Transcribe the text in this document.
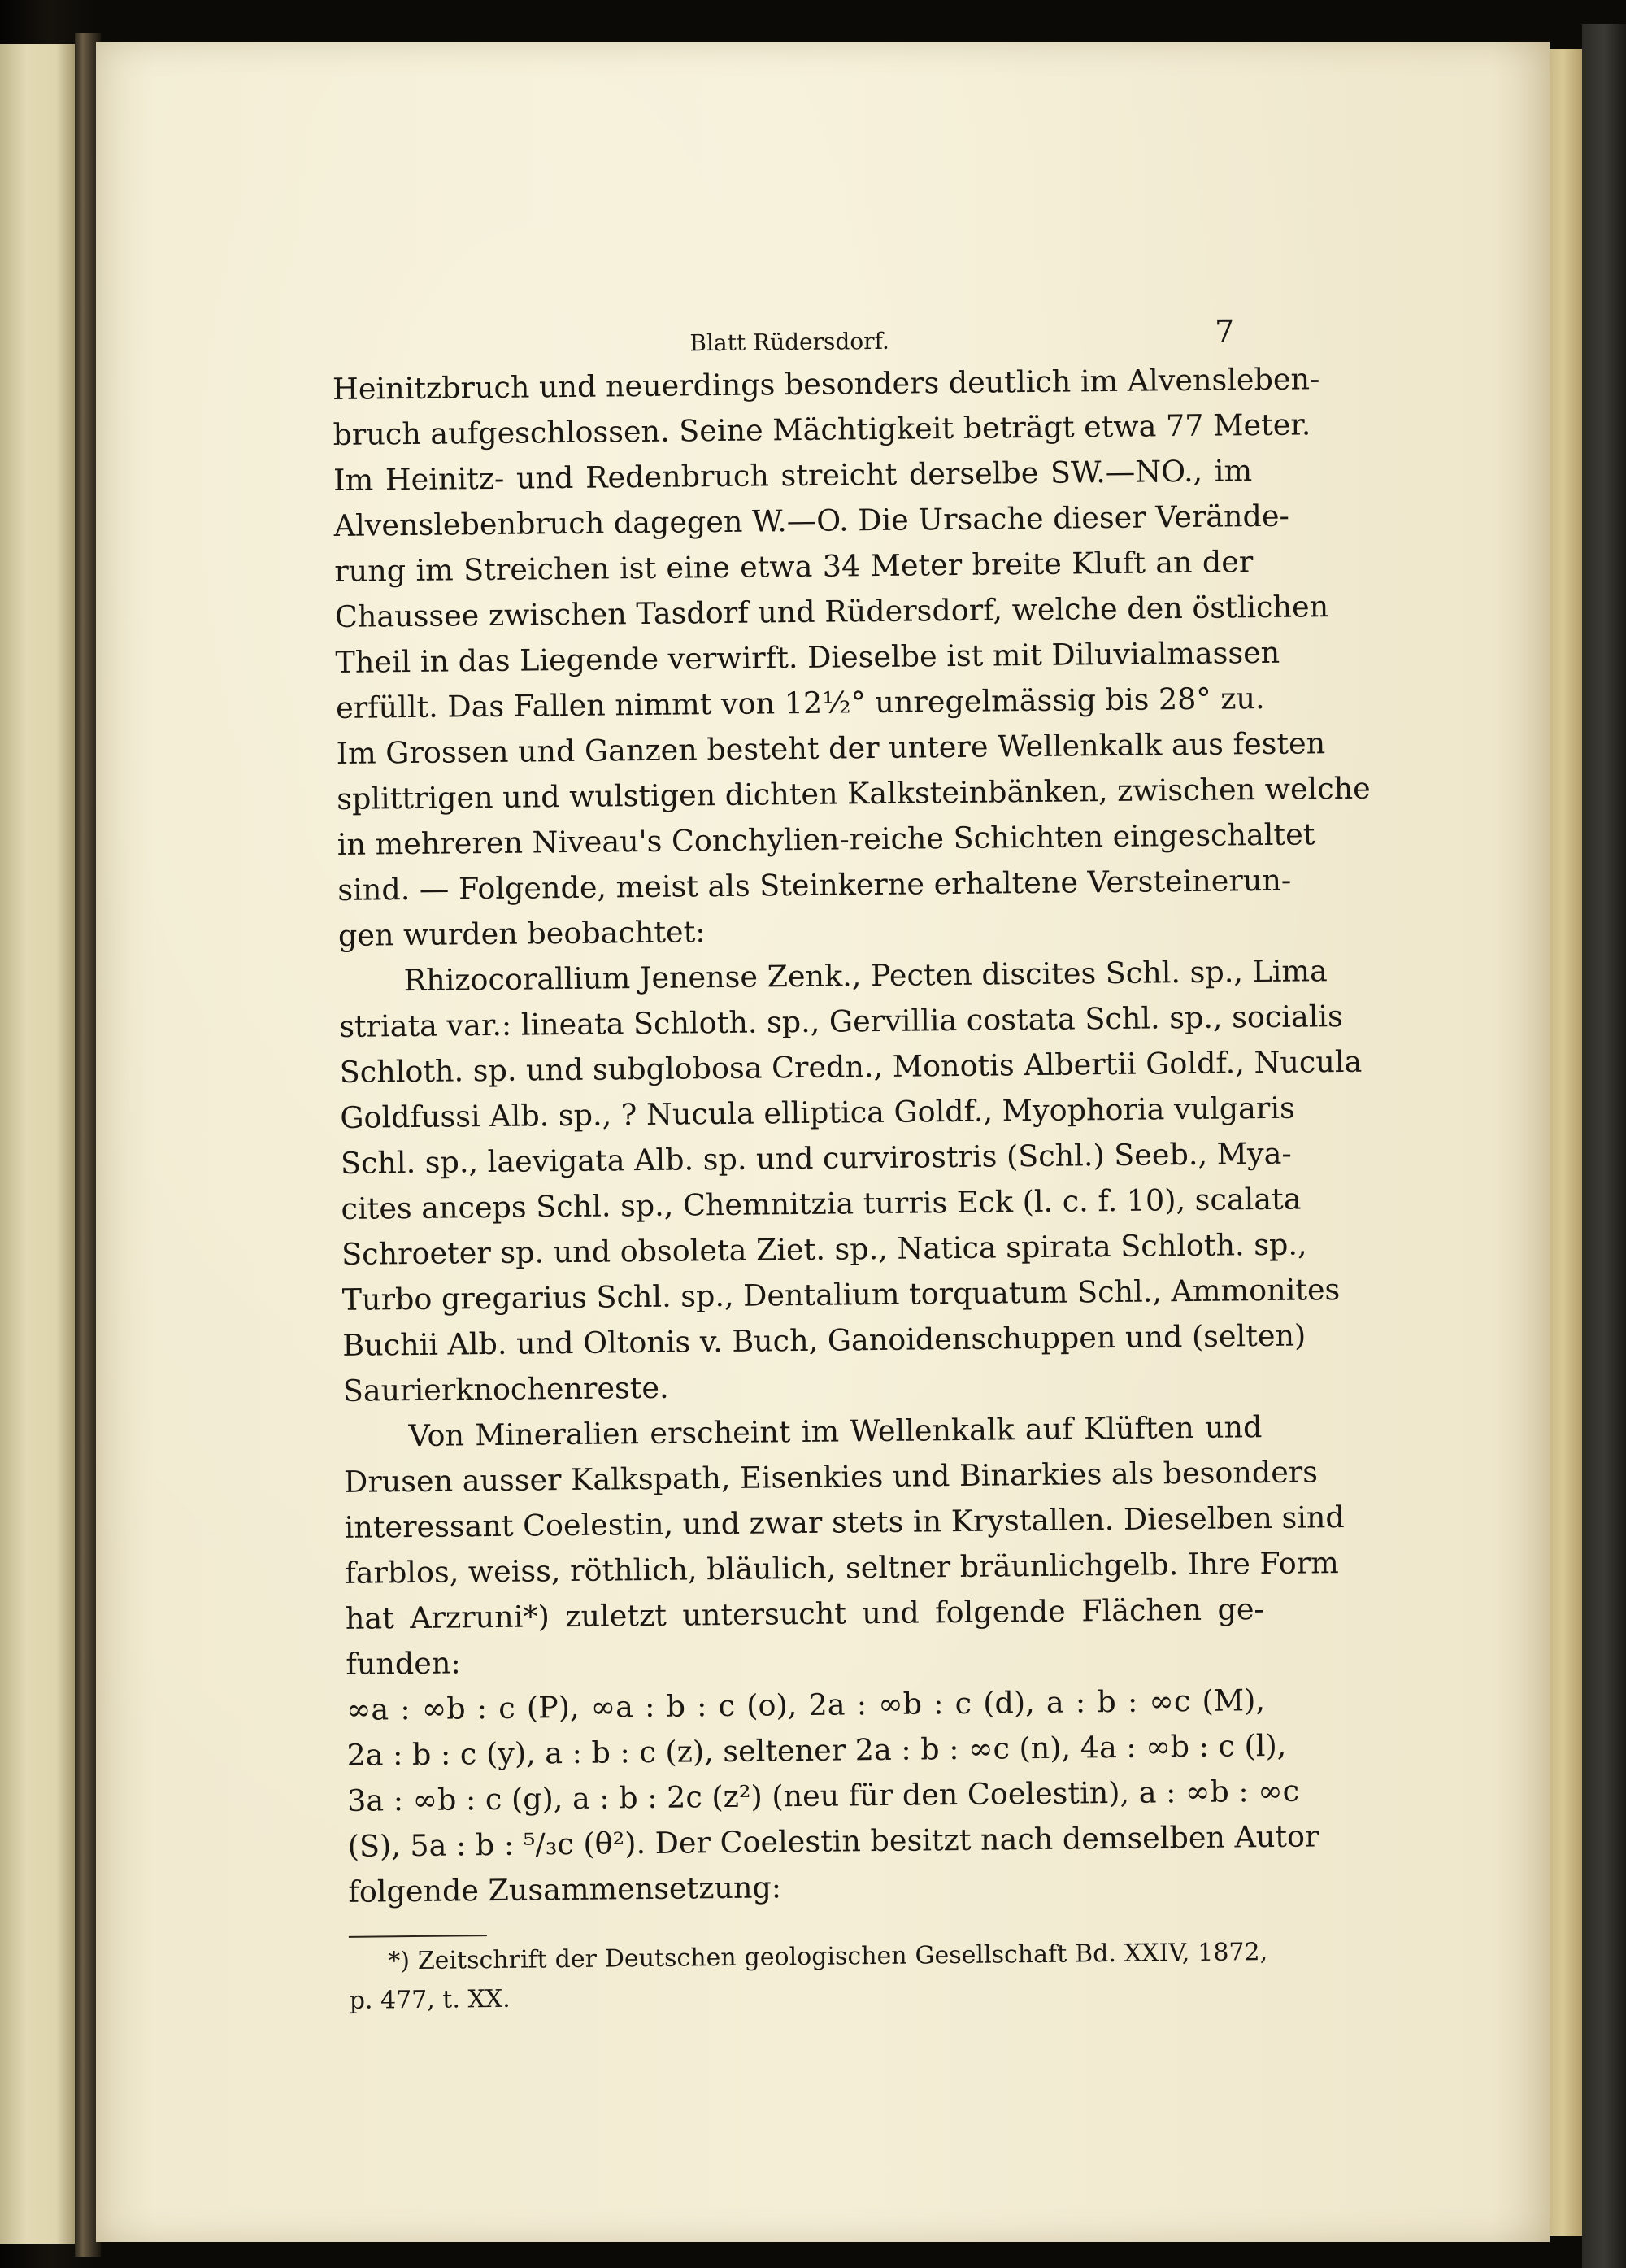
Blatt Rüdersdorf.	7
Heinitzbruch und neuerdings besonders deutlich im Alvensleben-
bruch aufgeschlossen. Seine Mächtigkeit beträgt etwa 77 Meter.
Im Heinitz- und Redenbruch streicht derselbe SW.—NO., im
Alvenslebenbruch dagegen W.—O. Die Ursache dieser Verände-
rung im Streichen ist eine etwa 34 Meter breite Kluft an der
Chaussee zwischen Tasdorf und Rüdersdorf, welche den östlichen
Theil in das Liegende verwirft. Dieselbe ist mit Diluvialmassen
erfüllt. Das Fallen nimmt von 12½° unregelmässig bis 28° zu.
Im Grossen und Ganzen besteht der untere Wellenkalk aus festen
splittrigen und wulstigen dichten Kalksteinbänken, zwischen welche
in mehreren Niveau's Conchylien-reiche Schichten eingeschaltet
sind. — Folgende, meist als Steinkerne erhaltene Versteinerun-
gen wurden beobachtet:
Rhizocorallium Jenense Zenk., Pecten discites Schl. sp., Lima
striata var.: lineata Schloth. sp., Gervillia costata Schl. sp., socialis
Schloth. sp. und subglobosa Credn., Monotis Albertii Goldf., Nucula
Goldfussi Alb. sp., ? Nucula elliptica Goldf., Myophoria vulgaris
Schl. sp., laevigata Alb. sp. und curvirostris (Schl.) Seeb., Mya-
cites anceps Schl. sp., Chemnitzia turris Eck (l. c. f. 10), scalata
Schroeter sp. und obsoleta Ziet. sp., Natica spirata Schloth. sp.,
Turbo gregarius Schl. sp., Dentalium torquatum Schl., Ammonites
Buchii Alb. und Oltonis v. Buch, Ganoidenschuppen und (selten)
Saurierknochenreste.
Von Mineralien erscheint im Wellenkalk auf Klüften und
Drusen ausser Kalkspath, Eisenkies und Binarkies als besonders
interessant Coelestin, und zwar stets in Krystallen. Dieselben sind
farblos, weiss, röthlich, bläulich, seltner bräunlichgelb. Ihre Form
hat Arzruni*) zuletzt untersucht und folgende Flächen ge-
funden:
∞a : ∞b : c (P), ∞a : b : c (o), 2a : ∞b : c (d), a : b : ∞c (M),
2a : b : c (y), a : b : c (z), seltener 2a : b : ∞c (n), 4a : ∞b : c (l),
3a : ∞b : c (g), a : b : 2c (z²) (neu für den Coelestin), a : ∞b : ∞c
(S), 5a : b : ⁵/₃c (θ²). Der Coelestin besitzt nach demselben Autor
folgende Zusammensetzung:
*) Zeitschrift der Deutschen geologischen Gesellschaft Bd. XXIV, 1872,
p. 477, t. XX.
